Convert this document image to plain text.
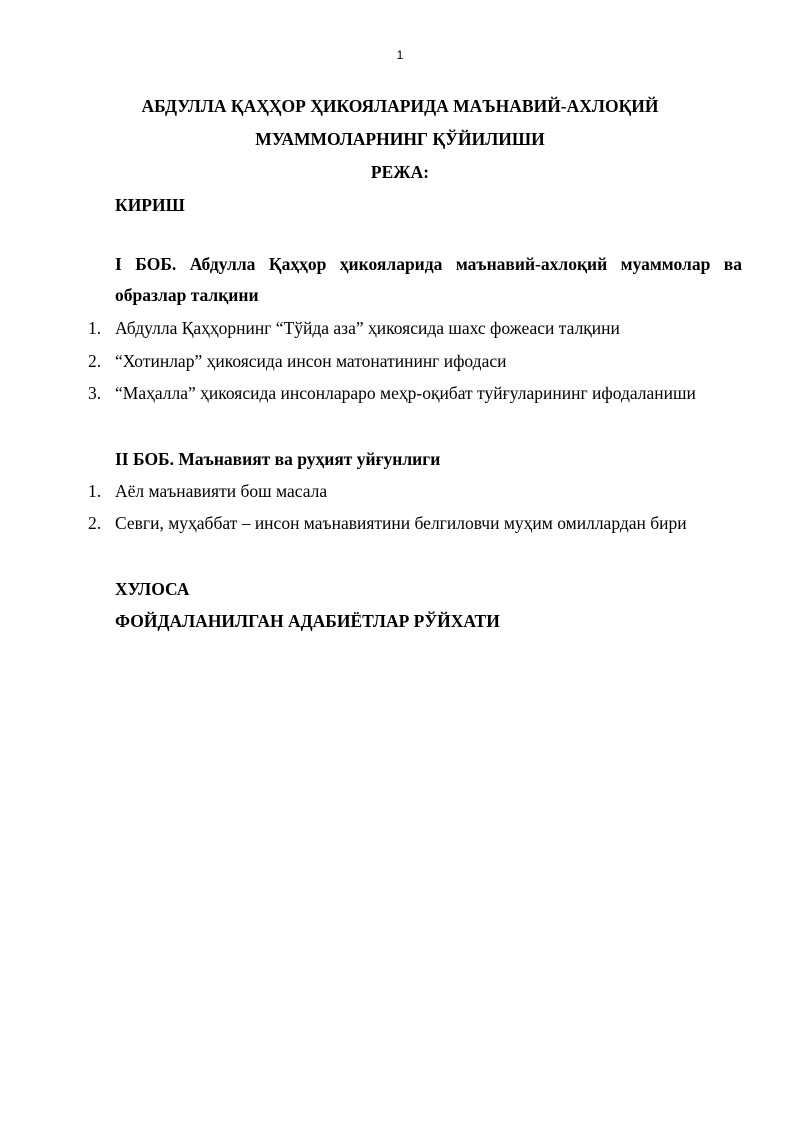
1
АБДУЛЛА ҚАҲҲОР ҲИКОЯЛАРИДА МАЪНАВИЙ-АХЛОҚИЙ
МУАММОЛАРНИНГ ҚЎЙИЛИШИ
РЕЖА:
КИРИШ
I БОБ. Абдулла Қаҳҳор ҳикояларида маънавий-ахлоқий муаммолар ва образлар талқини
1. Абдулла Қаҳҳорнинг “Тўйда аза” ҳикоясида шахс фожеаси талқини
2. “Хотинлар” ҳикоясида инсон матонатининг ифодаси
3. “Маҳалла” ҳикоясида инсонлараро меҳр-оқибат туйғуларининг ифодаланиши
II БОБ. Маънавият ва руҳият уйғунлиги
1. Аёл маънавияти бош масала
2. Севги, муҳаббат – инсон маънавиятини белгиловчи муҳим омиллардан бири
ХУЛОСА
ФОЙДАЛАНИЛГАН АДАБИЁТЛАР РЎЙХАТИ
